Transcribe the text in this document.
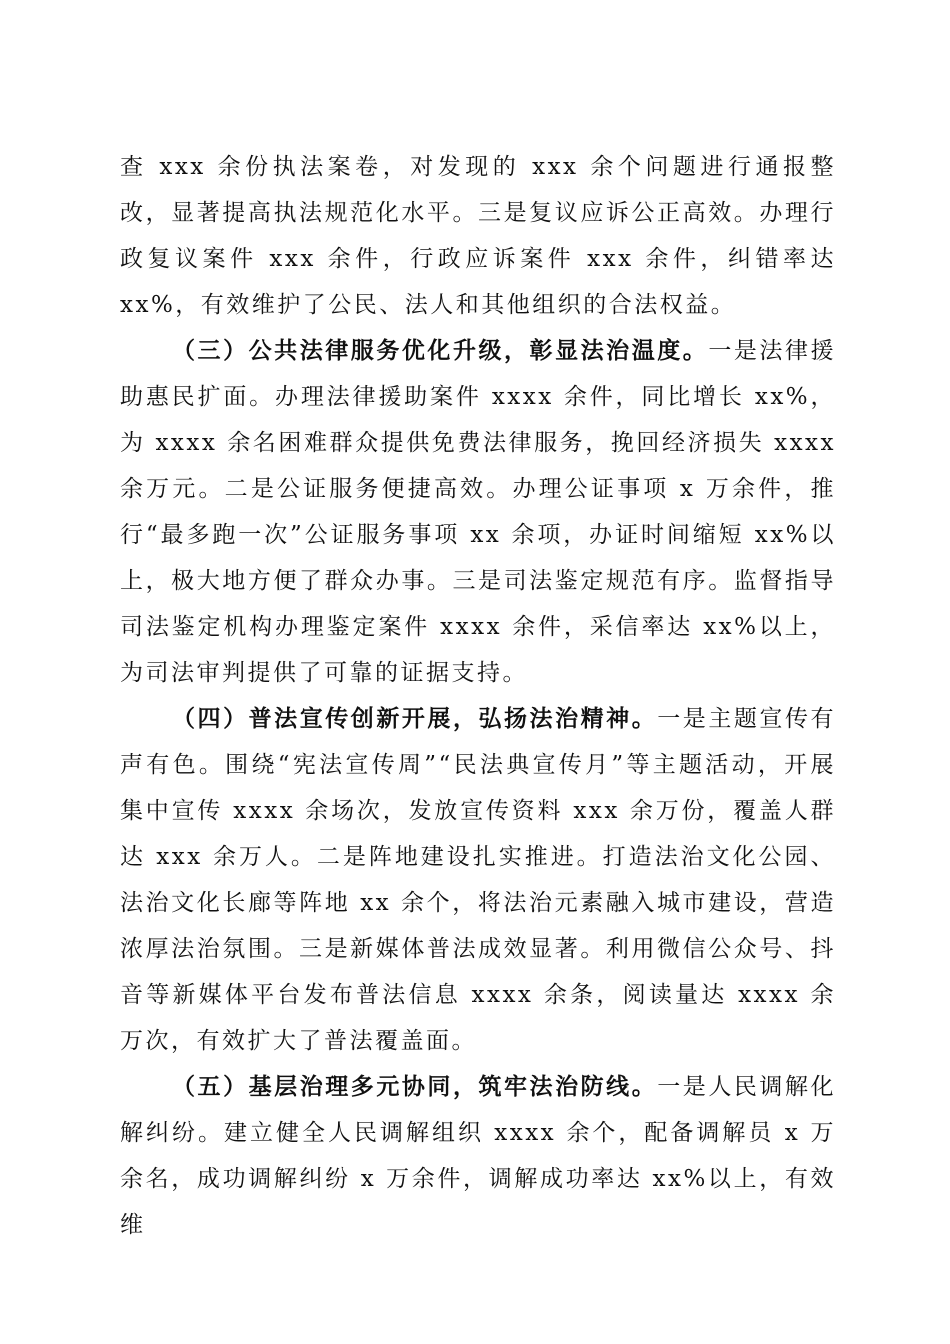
查 xxx 余份执法案卷，对发现的 xxx 余个问题进行通报整改，显著提高执法规范化水平。三是复议应诉公正高效。办理行政复议案件 xxx 余件，行政应诉案件 xxx 余件，纠错率达 xx%，有效维护了公民、法人和其他组织的合法权益。

（三）公共法律服务优化升级，彰显法治温度。一是法律援助惠民扩面。办理法律援助案件 xxxx 余件，同比增长 xx%，为 xxxx 余名困难群众提供免费法律服务，挽回经济损失 xxxx 余万元。二是公证服务便捷高效。办理公证事项 x 万余件，推行“最多跑一次”公证服务事项 xx 余项，办证时间缩短 xx%以上，极大地方便了群众办事。三是司法鉴定规范有序。监督指导司法鉴定机构办理鉴定案件 xxxx 余件，采信率达 xx%以上，为司法审判提供了可靠的证据支持。

（四）普法宣传创新开展，弘扬法治精神。一是主题宣传有声有色。围绕“宪法宣传周”“民法典宣传月”等主题活动，开展集中宣传 xxxx 余场次，发放宣传资料 xxx 余万份，覆盖人群达 xxx 余万人。二是阵地建设扎实推进。打造法治文化公园、法治文化长廊等阵地 xx 余个，将法治元素融入城市建设，营造浓厚法治氛围。三是新媒体普法成效显著。利用微信公众号、抖音等新媒体平台发布普法信息 xxxx 余条，阅读量达 xxxx 余万次，有效扩大了普法覆盖面。

（五）基层治理多元协同，筑牢法治防线。一是人民调解化解纠纷。建立健全人民调解组织 xxxx 余个，配备调解员 x 万余名，成功调解纠纷 x 万余件，调解成功率达 xx%以上，有效维
